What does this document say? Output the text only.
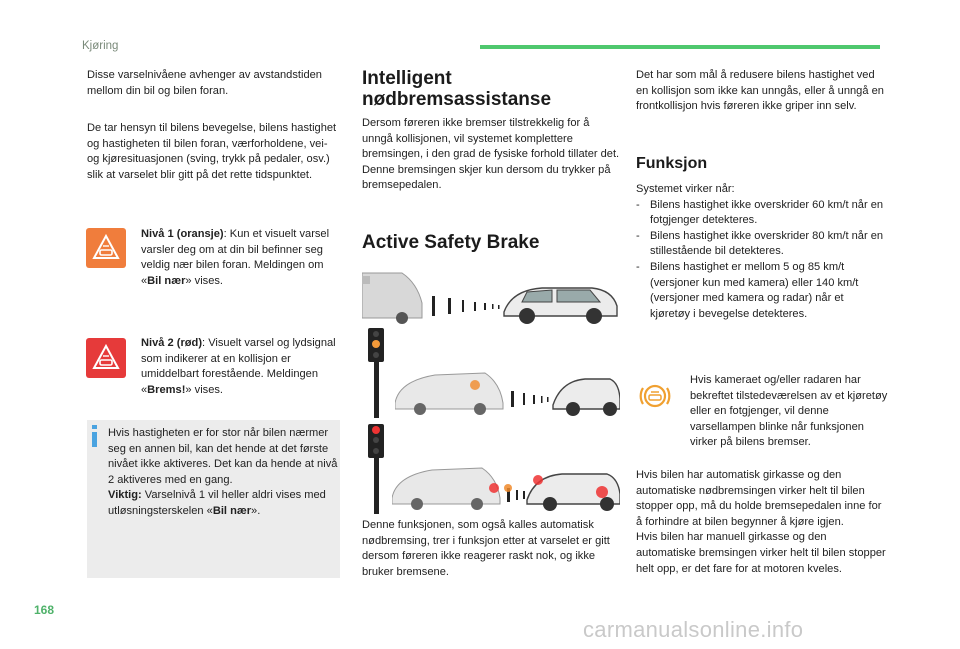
Kjøring
Disse varselnivåene avhenger av avstandstiden mellom din bil og bilen foran.
De tar hensyn til bilens bevegelse, bilens hastighet og hastigheten til bilen foran, værforholdene, vei- og kjøresituasjonen (sving, trykk på pedaler, osv.) slik at varselet blir gitt på det rette tidspunktet.
Nivå 1 (oransje): Kun et visuelt varsel varsler deg om at din bil befinner seg veldig nær bilen foran. Meldingen om «Bil nær» vises.
Nivå 2 (rød): Visuelt varsel og lydsignal som indikerer at en kollisjon er umiddelbart forestående. Meldingen «Brems!» vises.
Hvis hastigheten er for stor når bilen nærmer seg en annen bil, kan det hende at det første nivået ikke aktiveres. Det kan da hende at nivå 2 aktiveres med en gang.
Viktig: Varselnivå 1 vil heller aldri vises med utløsningsterskelen «Bil nær».
Intelligent nødbremsassistanse
Dersom føreren ikke bremser tilstrekkelig for å unngå kollisjonen, vil systemet komplettere bremsingen, i den grad de fysiske forhold tillater det.
Denne bremsingen skjer kun dersom du trykker på bremsepedalen.
Active Safety Brake
Denne funksjonen, som også kalles automatisk nødbremsing, trer i funksjon etter at varselet er gitt dersom føreren ikke reagerer raskt nok, og ikke bruker bremsene.
Det har som mål å redusere bilens hastighet ved en kollisjon som ikke kan unngås, eller å unngå en frontkollisjon hvis føreren ikke griper inn selv.
Funksjon
Systemet virker når:
- Bilens hastighet ikke overskrider 60 km/t når en fotgjenger detekteres.
- Bilens hastighet ikke overskrider 80 km/t når en stillestående bil detekteres.
- Bilens hastighet er mellom 5 og 85 km/t (versjoner kun med kamera) eller 140 km/t (versjoner med kamera og radar) når et kjøretøy i bevegelse detekteres.
Hvis kameraet og/eller radaren har bekreftet tilstedeværelsen av et kjøretøy eller en fotgjenger, vil denne varsellampen blinke når funksjonen virker på bilens bremser.
Hvis bilen har automatisk girkasse og den automatiske nødbremsingen virker helt til bilen stopper opp, må du holde bremsepedalen inne for å forhindre at bilen begynner å kjøre igjen.
Hvis bilen har manuell girkasse og den automatiske bremsingen virker helt til bilen stopper helt opp, er det fare for at motoren kveles.
168
carmanualsonline.info
